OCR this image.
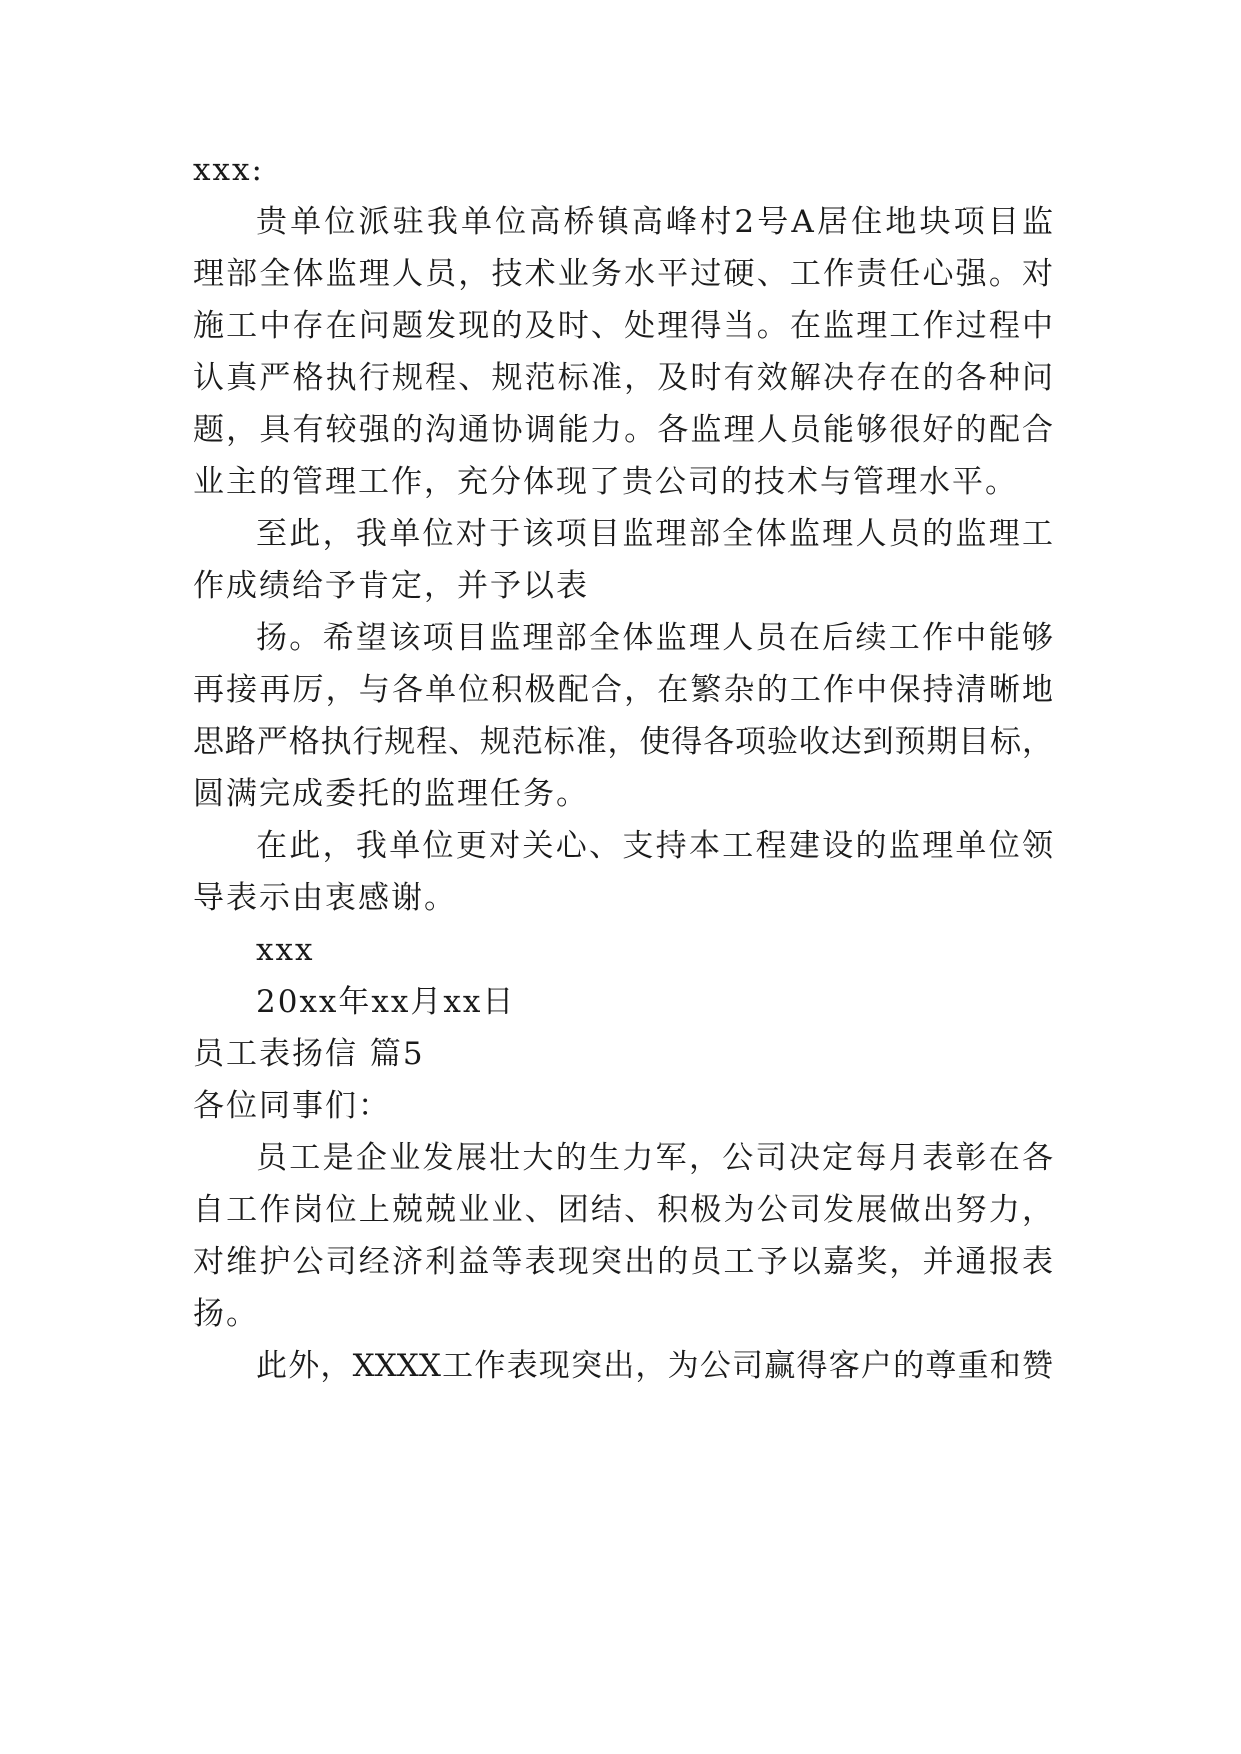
xxx:
贵单位派驻我单位高桥镇高峰村2号A居住地块项目监
理部全体监理人员，技术业务水平过硬、工作责任心强。对
施工中存在问题发现的及时、处理得当。在监理工作过程中
认真严格执行规程、规范标准，及时有效解决存在的各种问
题，具有较强的沟通协调能力。各监理人员能够很好的配合
业主的管理工作，充分体现了贵公司的技术与管理水平。
至此，我单位对于该项目监理部全体监理人员的监理工
作成绩给予肯定，并予以表
扬。希望该项目监理部全体监理人员在后续工作中能够
再接再厉，与各单位积极配合，在繁杂的工作中保持清晰地
思路严格执行规程、规范标准，使得各项验收达到预期目标，
圆满完成委托的监理任务。
在此，我单位更对关心、支持本工程建设的监理单位领
导表示由衷感谢。
xxx
20xx年xx月xx日
员工表扬信 篇5
各位同事们：
员工是企业发展壮大的生力军，公司决定每月表彰在各
自工作岗位上兢兢业业、团结、积极为公司发展做出努力，
对维护公司经济利益等表现突出的员工予以嘉奖，并通报表
扬。
此外，XXXX工作表现突出，为公司赢得客户的尊重和赞
